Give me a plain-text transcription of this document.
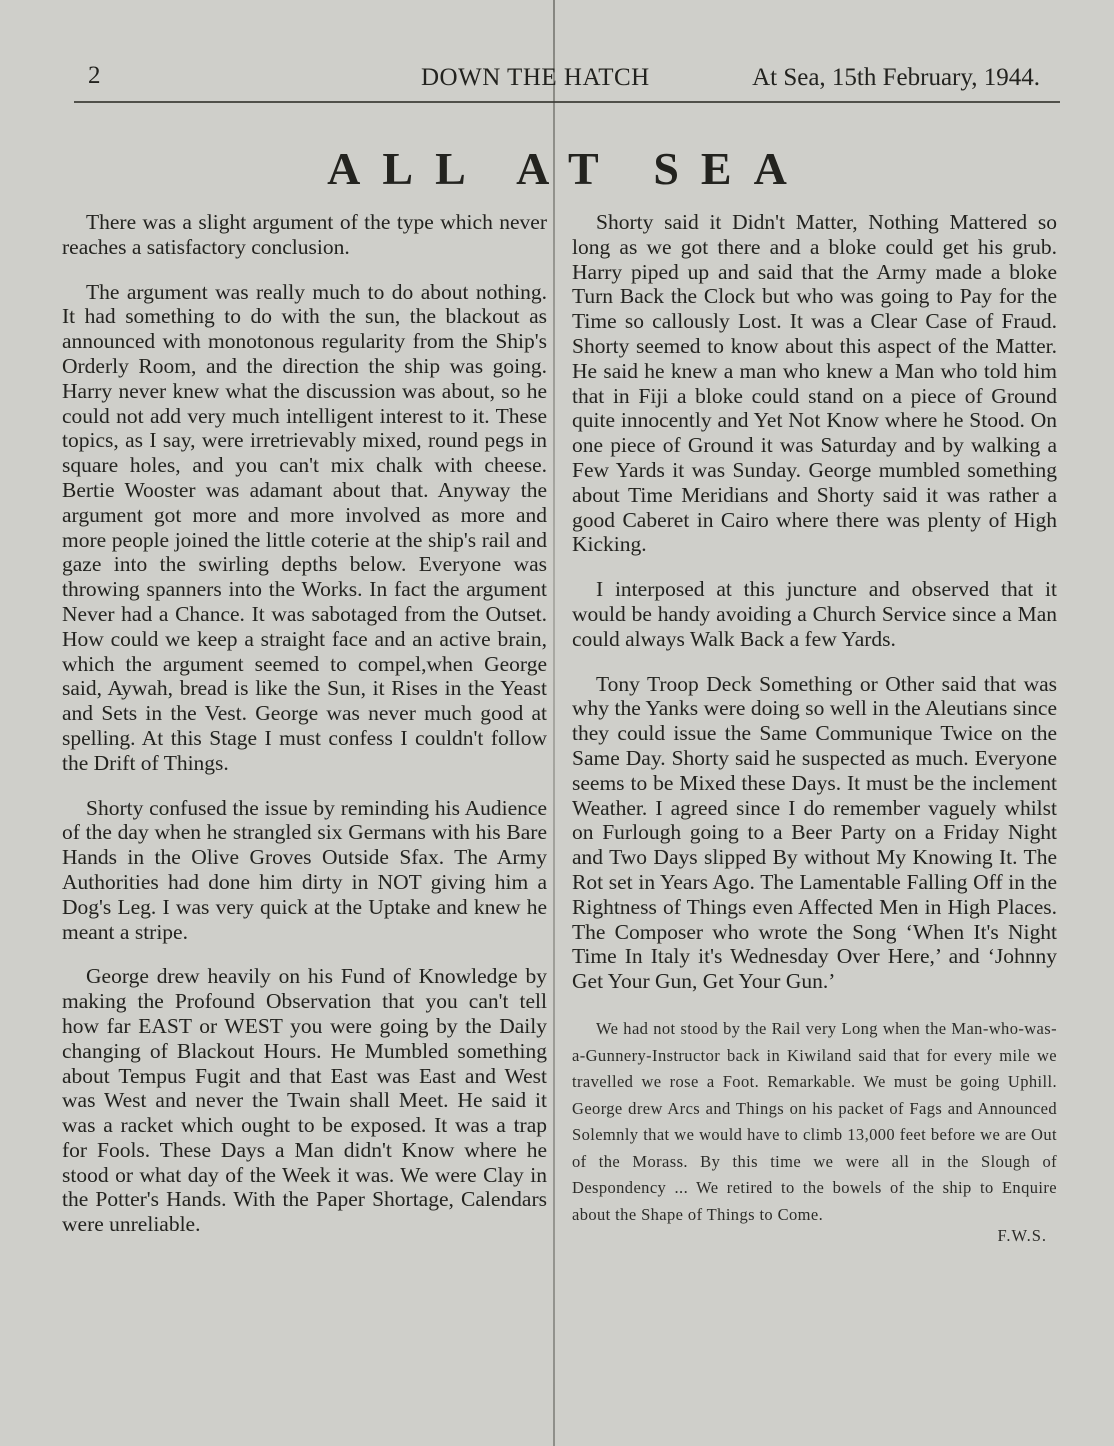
2	DOWN THE HATCH	At Sea, 15th February, 1944.
ALL AT SEA

There was a slight argument of the type which never reaches a satisfactory conclusion.

The argument was really much to do about nothing. It had something to do with the sun, the blackout as announced with monotonous regularity from the Ship's Orderly Room, and the direction the ship was going. Harry never knew what the discussion was about, so he could not add very much intelligent interest to it. These topics, as I say, were irretrievably mixed, round pegs in square holes, and you can't mix chalk with cheese. Bertie Wooster was adamant about that. Anyway the argument got more and more involved as more and more people joined the little coterie at the ship's rail and gaze into the swirling depths below. Everyone was throwing spanners into the Works. In fact the argument Never had a Chance. It was sabotaged from the Outset. How could we keep a straight face and an active brain, which the argument seemed to compel,when George said, Aywah, bread is like the Sun, it Rises in the Yeast and Sets in the Vest. George was never much good at spelling. At this Stage I must confess I couldn't follow the Drift of Things.

Shorty confused the issue by reminding his Audience of the day when he strangled six Germans with his Bare Hands in the Olive Groves Outside Sfax. The Army Authorities had done him dirty in NOT giving him a Dog's Leg. I was very quick at the Uptake and knew he meant a stripe.

George drew heavily on his Fund of Knowledge by making the Profound Observation that you can't tell how far EAST or WEST you were going by the Daily changing of Blackout Hours. He Mumbled something about Tempus Fugit and that East was East and West was West and never the Twain shall Meet. He said it was a racket which ought to be exposed. It was a trap for Fools. These Days a Man didn't Know where he stood or what day of the Week it was. We were Clay in the Potter's Hands. With the Paper Shortage, Calendars were unreliable.

Shorty said it Didn't Matter, Nothing Mattered so long as we got there and a bloke could get his grub. Harry piped up and said that the Army made a bloke Turn Back the Clock but who was going to Pay for the Time so callously Lost. It was a Clear Case of Fraud. Shorty seemed to know about this aspect of the Matter. He said he knew a man who knew a Man who told him that in Fiji a bloke could stand on a piece of Ground quite innocently and Yet Not Know where he Stood. On one piece of Ground it was Saturday and by walking a Few Yards it was Sunday. George mumbled something about Time Meridians and Shorty said it was rather a good Caberet in Cairo where there was plenty of High Kicking.

I interposed at this juncture and observed that it would be handy avoiding a Church Service since a Man could always Walk Back a few Yards.

Tony Troop Deck Something or Other said that was why the Yanks were doing so well in the Aleutians since they could issue the Same Communique Twice on the Same Day. Shorty said he suspected as much. Everyone seems to be Mixed these Days. It must be the inclement Weather. I agreed since I do remember vaguely whilst on Furlough going to a Beer Party on a Friday Night and Two Days slipped By without My Knowing It. The Rot set in Years Ago. The Lamentable Falling Off in the Rightness of Things even Affected Men in High Places. The Composer who wrote the Song ‘When It's Night Time In Italy it's Wednesday Over Here,’ and ‘Johnny Get Your Gun, Get Your Gun.’

We had not stood by the Rail very Long when the Man-who-was-a-Gunnery-Instructor back in Kiwiland said that for every mile we travelled we rose a Foot. Remarkable. We must be going Uphill. George drew Arcs and Things on his packet of Fags and Announced Solemnly that we would have to climb 13,000 feet before we are Out of the Morass. By this time we were all in the Slough of Despondency ... We retired to the bowels of the ship to Enquire about the Shape of Things to Come.

F.W.S.
